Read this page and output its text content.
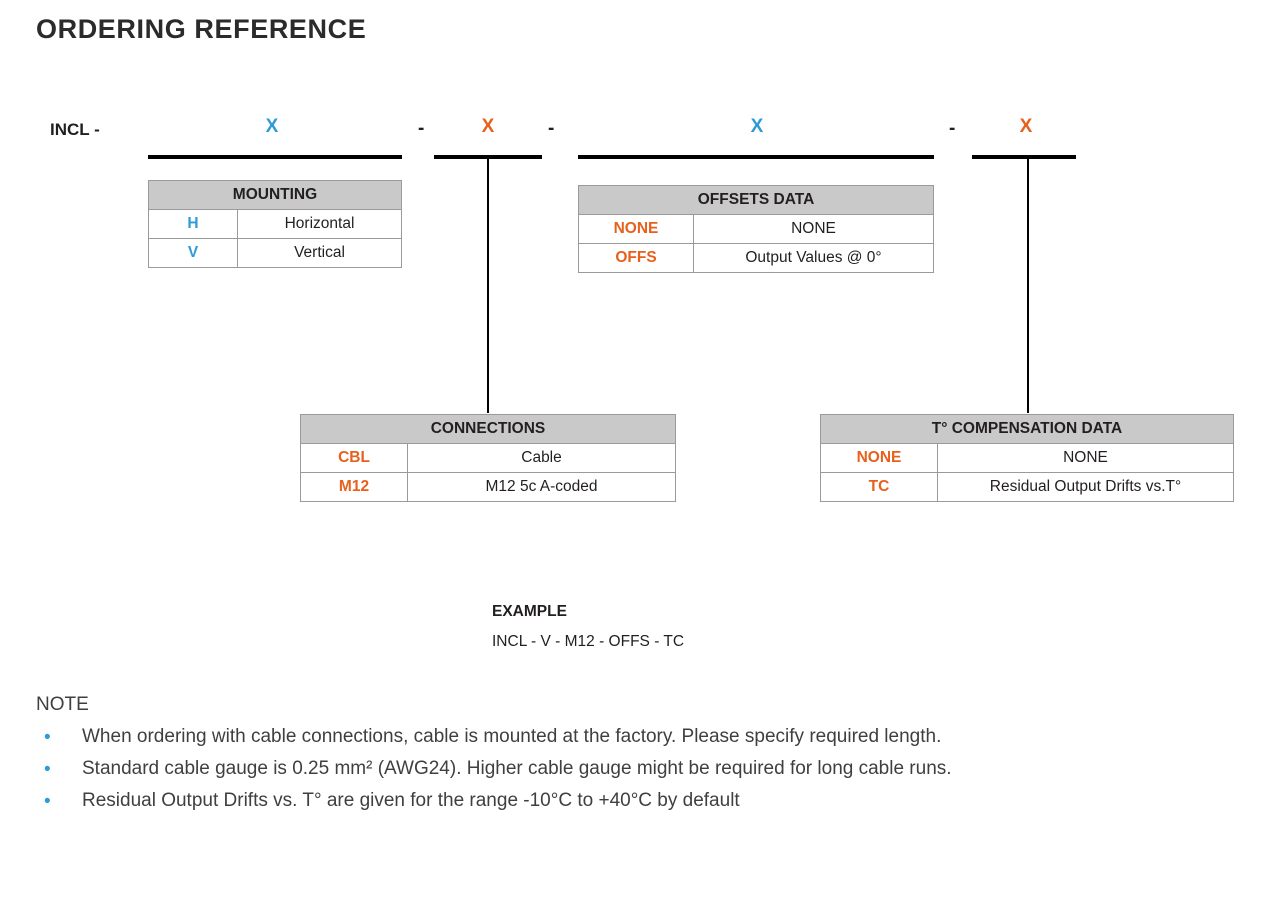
ORDERING REFERENCE
INCL -	X	-	X	-	X	-	X
MOUNTING	
H	Horizontal
V	Vertical
OFFSETS DATA	
NONE	NONE
OFFS	Output Values @ 0°
CONNECTIONS	
CBL	Cable
M12	M12 5c A-coded
T° COMPENSATION DATA	
NONE	NONE
TC	Residual Output Drifts vs.T°
EXAMPLE
INCL - V - M12 - OFFS - TC
NOTE
• When ordering with cable connections, cable is mounted at the factory. Please specify required length.
• Standard cable gauge is 0.25 mm² (AWG24). Higher cable gauge might be required for long cable runs.
• Residual Output Drifts vs. T° are given for the range -10°C to +40°C by default
